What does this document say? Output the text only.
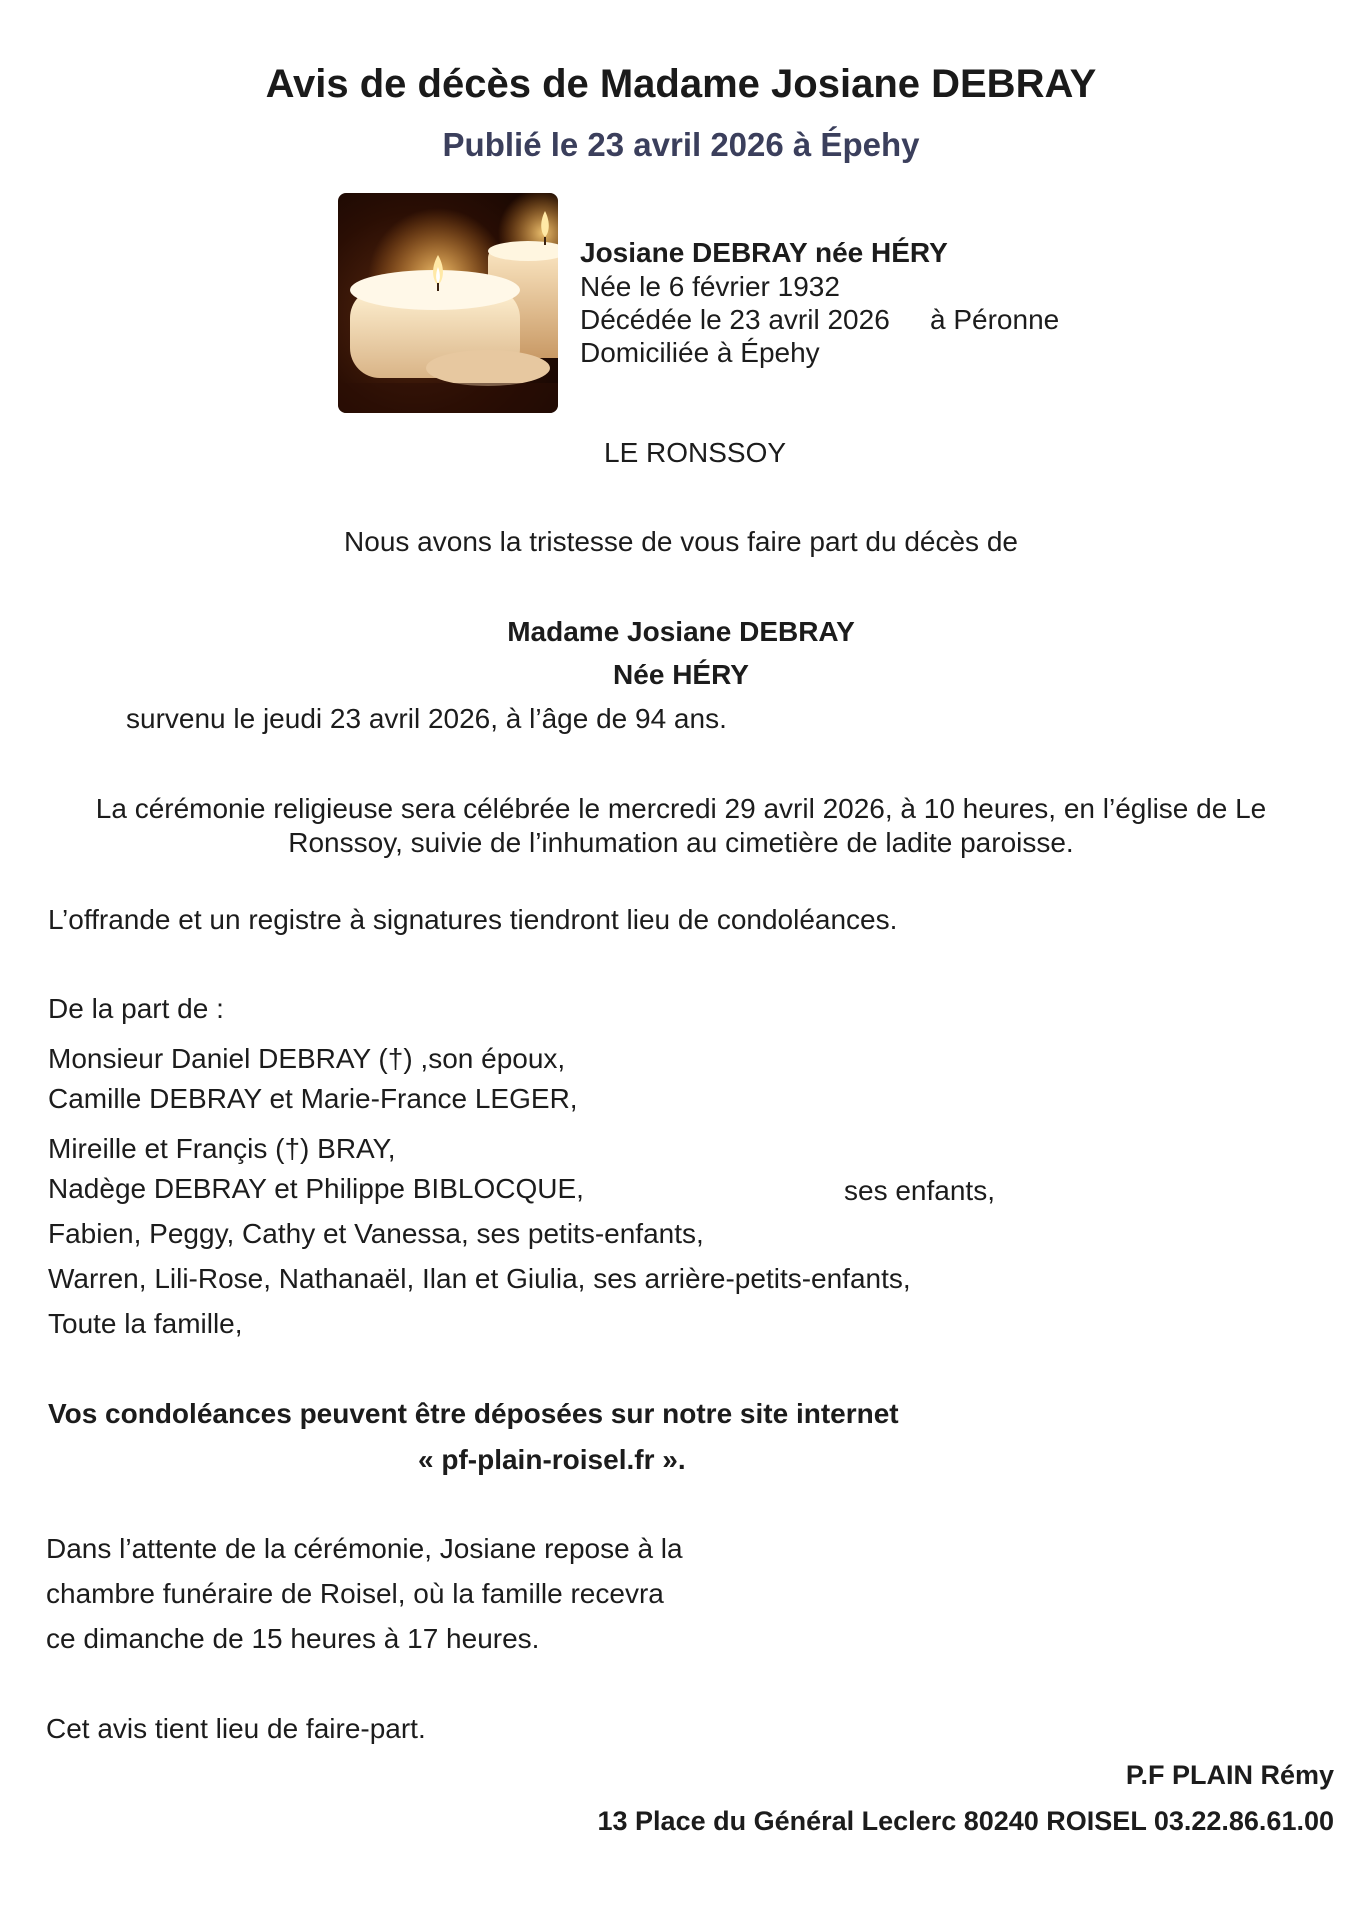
Avis de décès de Madame Josiane DEBRAY
Publié le 23 avril 2026 à Épehy
Josiane DEBRAY née HÉRY
Née le 6 février 1932
Décédée le 23 avril 2026 à Péronne
Domiciliée à Épehy
LE RONSSOY
Nous avons la tristesse de vous faire part du décès de
Madame Josiane DEBRAY
Née HÉRY
survenu le jeudi 23 avril 2026, à l’âge de 94 ans.
La cérémonie religieuse sera célébrée le mercredi 29 avril 2026, à 10 heures, en l’église de Le
Ronssoy, suivie de l’inhumation au cimetière de ladite paroisse.
L’offrande et un registre à signatures tiendront lieu de condoléances.
De la part de :
Monsieur Daniel DEBRAY (†) ,son époux,
Camille DEBRAY et Marie-France LEGER,
Mireille et Françis (†) BRAY,
Nadège DEBRAY et Philippe BIBLOCQUE,	ses enfants,
Fabien, Peggy, Cathy et Vanessa, ses petits-enfants,
Warren, Lili-Rose, Nathanaël, Ilan et Giulia, ses arrière-petits-enfants,
Toute la famille,
Vos condoléances peuvent être déposées sur notre site internet
« pf-plain-roisel.fr ».
Dans l’attente de la cérémonie, Josiane repose à la
chambre funéraire de Roisel, où la famille recevra
ce dimanche de 15 heures à 17 heures.
Cet avis tient lieu de faire-part.
P.F PLAIN Rémy
13 Place du Général Leclerc 80240 ROISEL 03.22.86.61.00
